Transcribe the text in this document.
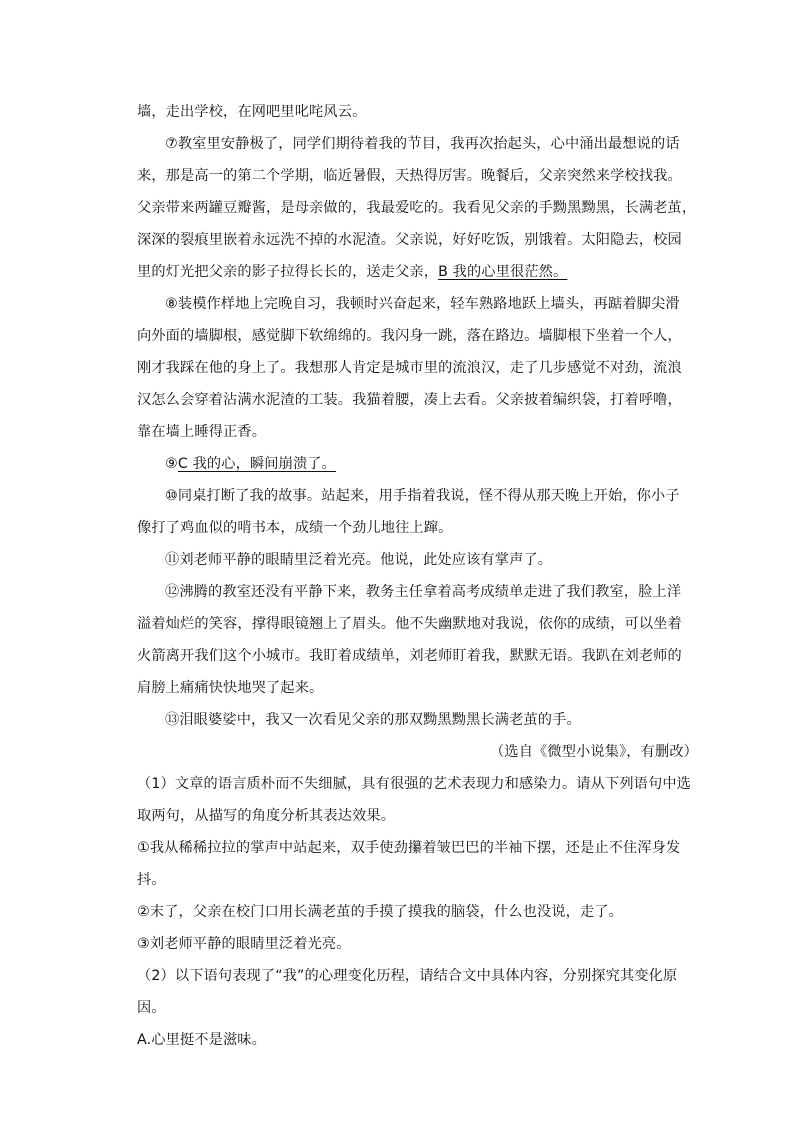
墙，走出学校，在网吧里叱咤风云。
⑦教室里安静极了，同学们期待着我的节目，我再次抬起头，心中涌出最想说的话
来，那是高一的第二个学期，临近暑假，天热得厉害。晚餐后，父亲突然来学校找我。
父亲带来两罐豆瓣酱，是母亲做的，我最爱吃的。我看见父亲的手黝黑黝黑，长满老茧，
深深的裂痕里嵌着永远洗不掉的水泥渣。父亲说，好好吃饭，别饿着。太阳隐去，校园
里的灯光把父亲的影子拉得长长的，送走父亲，B 我的心里很茫然。
⑧装模作样地上完晚自习，我顿时兴奋起来，轻车熟路地跃上墙头，再踮着脚尖滑
向外面的墙脚根，感觉脚下软绵绵的。我闪身一跳，落在路边。墙脚根下坐着一个人，
刚才我踩在他的身上了。我想那人肯定是城市里的流浪汉，走了几步感觉不对劲，流浪
汉怎么会穿着沾满水泥渣的工装。我猫着腰，凑上去看。父亲披着编织袋，打着呼噜，
靠在墙上睡得正香。
⑨C 我的心，瞬间崩溃了。
⑩同桌打断了我的故事。站起来，用手指着我说，怪不得从那天晚上开始，你小子
像打了鸡血似的啃书本，成绩一个劲儿地往上蹿。
⑪刘老师平静的眼睛里泛着光亮。他说，此处应该有掌声了。
⑫沸腾的教室还没有平静下来，教务主任拿着高考成绩单走进了我们教室，脸上洋
溢着灿烂的笑容，撑得眼镜翘上了眉头。他不失幽默地对我说，依你的成绩，可以坐着
火箭离开我们这个小城市。我盯着成绩单，刘老师盯着我，默默无语。我趴在刘老师的
肩膀上痛痛快快地哭了起来。
⑬泪眼婆娑中，我又一次看见父亲的那双黝黑黝黑长满老茧的手。
（选自《微型小说集》，有删改）
（1）文章的语言质朴而不失细腻，具有很强的艺术表现力和感染力。请从下列语句中选
取两句，从描写的角度分析其表达效果。
①我从稀稀拉拉的掌声中站起来，双手使劲攥着皱巴巴的半袖下摆，还是止不住浑身发
抖。
②末了，父亲在校门口用长满老茧的手摸了摸我的脑袋，什么也没说，走了。
③刘老师平静的眼睛里泛着光亮。
（2）以下语句表现了“我”的心理变化历程，请结合文中具体内容，分别探究其变化原
因。
A.心里挺不是滋味。
